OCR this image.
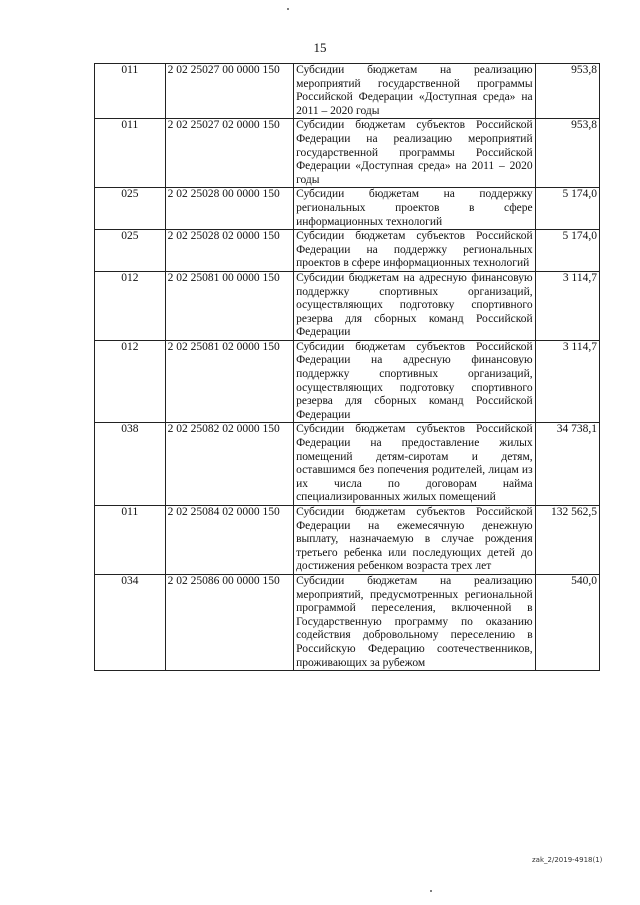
15
011	2 02 25027 00 0000 150	Субсидии бюджетам на реализацию мероприятий государственной программы Российской Федерации «Доступная среда» на 2011 – 2020 годы	953,8
011	2 02 25027 02 0000 150	Субсидии бюджетам субъектов Российской Федерации на реализацию мероприятий государственной программы Российской Федерации «Доступная среда» на 2011 – 2020 годы	953,8
025	2 02 25028 00 0000 150	Субсидии бюджетам на поддержку региональных проектов в сфере информационных технологий	5 174,0
025	2 02 25028 02 0000 150	Субсидии бюджетам субъектов Российской Федерации на поддержку региональных проектов в сфере информационных технологий	5 174,0
012	2 02 25081 00 0000 150	Субсидии бюджетам на адресную финансовую поддержку спортивных организаций, осуществляющих подготовку спортивного резерва для сборных команд Российской Федерации	3 114,7
012	2 02 25081 02 0000 150	Субсидии бюджетам субъектов Российской Федерации на адресную финансовую поддержку спортивных организаций, осуществляющих подготовку спортивного резерва для сборных команд Российской Федерации	3 114,7
038	2 02 25082 02 0000 150	Субсидии бюджетам субъектов Российской Федерации на предоставление жилых помещений детям-сиротам и детям, оставшимся без попечения родителей, лицам из их числа по договорам найма специализированных жилых помещений	34 738,1
011	2 02 25084 02 0000 150	Субсидии бюджетам субъектов Российской Федерации на ежемесячную денежную выплату, назначаемую в случае рождения третьего ребенка или последующих детей до достижения ребенком возраста трех лет	132 562,5
034	2 02 25086 00 0000 150	Субсидии бюджетам на реализацию мероприятий, предусмотренных региональной программой переселения, включенной в Государственную программу по оказанию содействия добровольному переселению в Российскую Федерацию соотечественников, проживающих за рубежом	540,0
zak_2/2019-4918(1)
